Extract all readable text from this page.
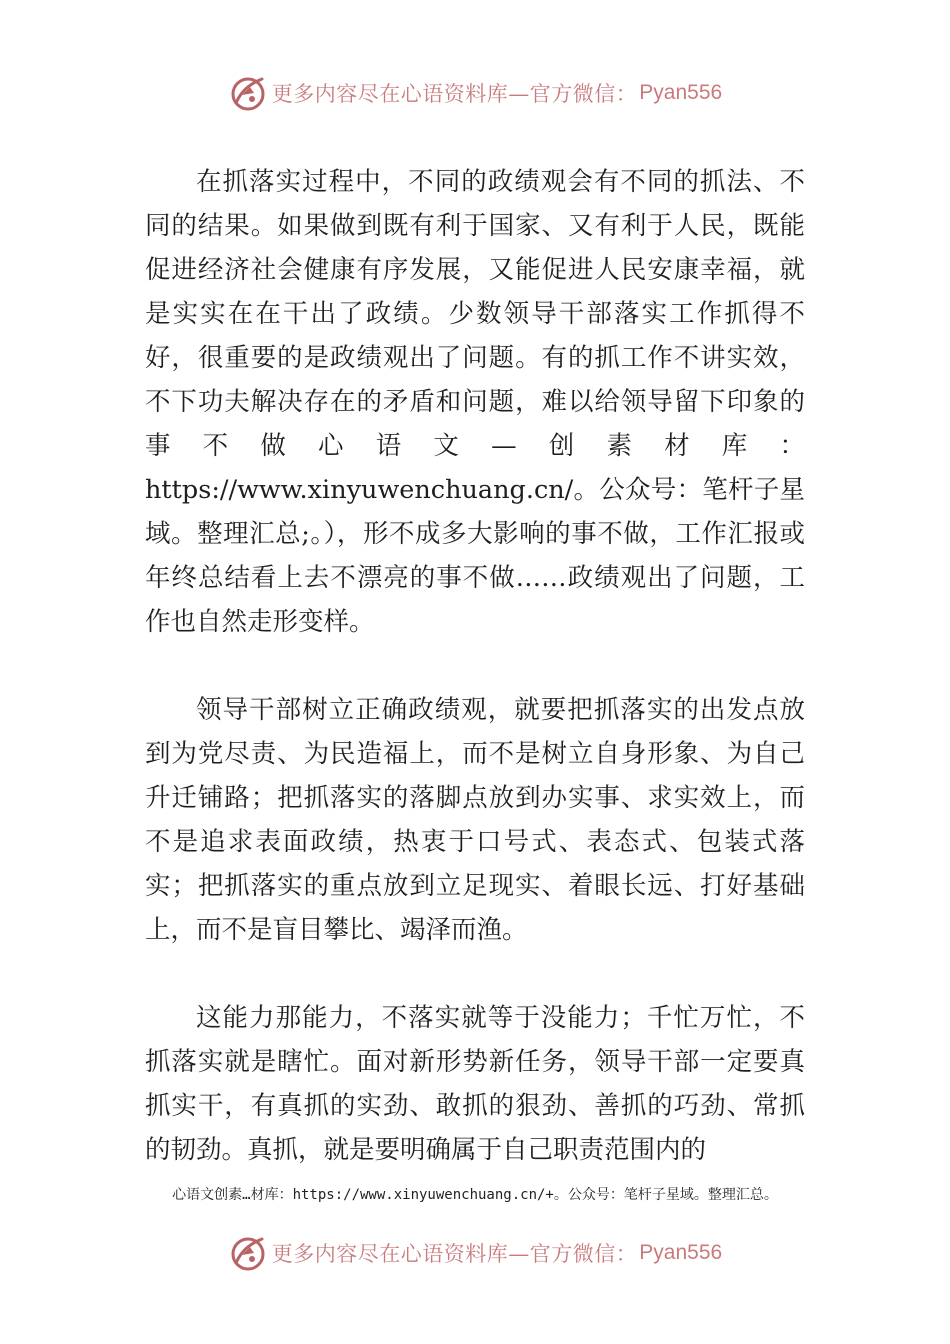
更多内容尽在心语资料库—官方微信： Pyan556

在抓落实过程中，不同的政绩观会有不同的抓法、不同的结果。如果做到既有利于国家、又有利于人民，既能促进经济社会健康有序发展，又能促进人民安康幸福，就是实实在在干出了政绩。少数领导干部落实工作抓得不好，很重要的是政绩观出了问题。有的抓工作不讲实效，不下功夫解决存在的矛盾和问题，难以给领导留下印象的事不做心语文—创素材库：https://www.xinyuwenchuang.cn/。公众号：笔杆子星域。整理汇总;。），形不成多大影响的事不做，工作汇报或年终总结看上去不漂亮的事不做……政绩观出了问题，工作也自然走形变样。

领导干部树立正确政绩观，就要把抓落实的出发点放到为党尽责、为民造福上，而不是树立自身形象、为自己升迁铺路；把抓落实的落脚点放到办实事、求实效上，而不是追求表面政绩，热衷于口号式、表态式、包装式落实；把抓落实的重点放到立足现实、着眼长远、打好基础上，而不是盲目攀比、竭泽而渔。

这能力那能力，不落实就等于没能力；千忙万忙，不抓落实就是瞎忙。面对新形势新任务，领导干部一定要真抓实干，有真抓的实劲、敢抓的狠劲、善抓的巧劲、常抓的韧劲。真抓，就是要明确属于自己职责范围内的

心语文创素…材库：https://www.xinyuwenchuang.cn/+。公众号：笔杆子星域。整理汇总。
更多内容尽在心语资料库—官方微信： Pyan556
